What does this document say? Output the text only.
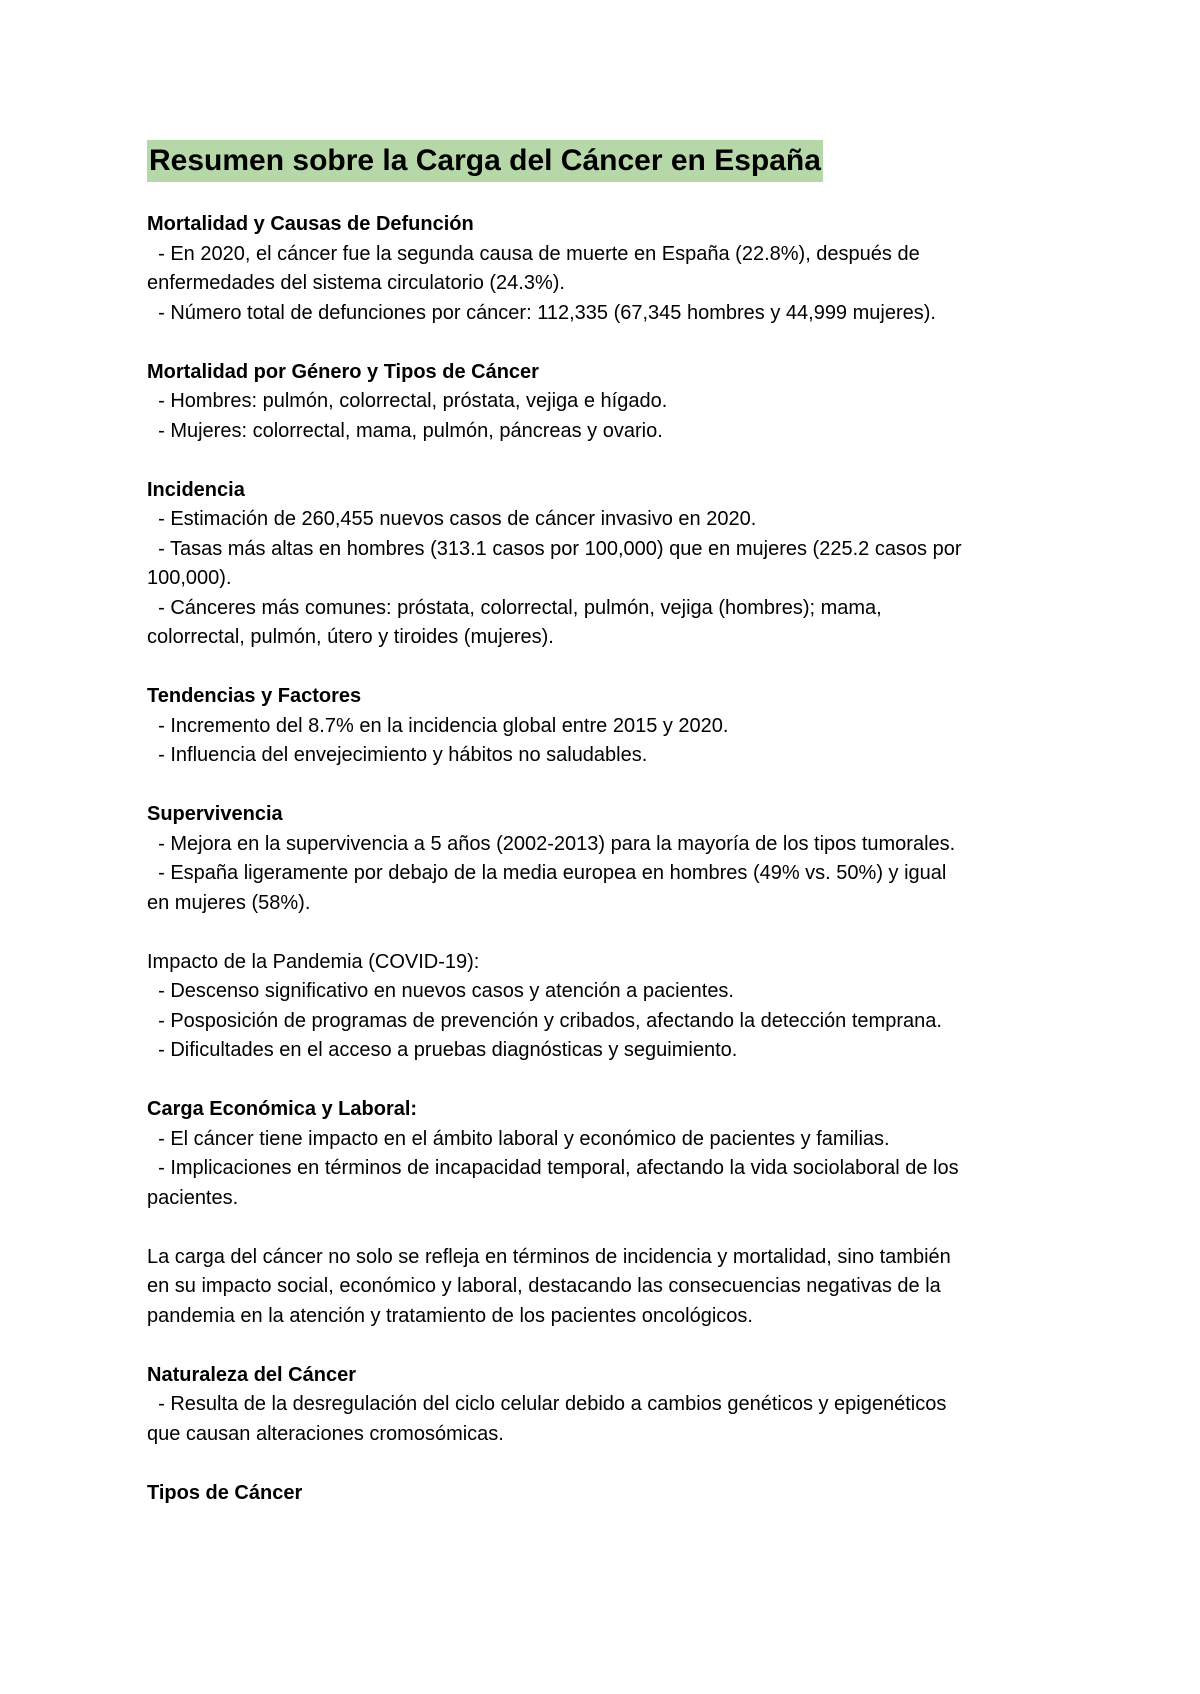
Resumen sobre la Carga del Cáncer en España

Mortalidad y Causas de Defunción

- En 2020, el cáncer fue la segunda causa de muerte en España (22.8%), después de

enfermedades del sistema circulatorio (24.3%).

- Número total de defunciones por cáncer: 112,335 (67,345 hombres y 44,999 mujeres).

Mortalidad por Género y Tipos de Cáncer

- Hombres: pulmón, colorrectal, próstata, vejiga e hígado.

- Mujeres: colorrectal, mama, pulmón, páncreas y ovario.

Incidencia

- Estimación de 260,455 nuevos casos de cáncer invasivo en 2020.

- Tasas más altas en hombres (313.1 casos por 100,000) que en mujeres (225.2 casos por

100,000).

- Cánceres más comunes: próstata, colorrectal, pulmón, vejiga (hombres); mama,

colorrectal, pulmón, útero y tiroides (mujeres).

Tendencias y Factores

- Incremento del 8.7% en la incidencia global entre 2015 y 2020.

- Influencia del envejecimiento y hábitos no saludables.

Supervivencia

- Mejora en la supervivencia a 5 años (2002-2013) para la mayoría de los tipos tumorales.

- España ligeramente por debajo de la media europea en hombres (49% vs. 50%) y igual

en mujeres (58%).

Impacto de la Pandemia (COVID-19):

- Descenso significativo en nuevos casos y atención a pacientes.

- Posposición de programas de prevención y cribados, afectando la detección temprana.

- Dificultades en el acceso a pruebas diagnósticas y seguimiento.

Carga Económica y Laboral:

- El cáncer tiene impacto en el ámbito laboral y económico de pacientes y familias.

- Implicaciones en términos de incapacidad temporal, afectando la vida sociolaboral de los

pacientes.

La carga del cáncer no solo se refleja en términos de incidencia y mortalidad, sino también

en su impacto social, económico y laboral, destacando las consecuencias negativas de la

pandemia en la atención y tratamiento de los pacientes oncológicos.

Naturaleza del Cáncer

- Resulta de la desregulación del ciclo celular debido a cambios genéticos y epigenéticos

que causan alteraciones cromosómicas.

Tipos de Cáncer
